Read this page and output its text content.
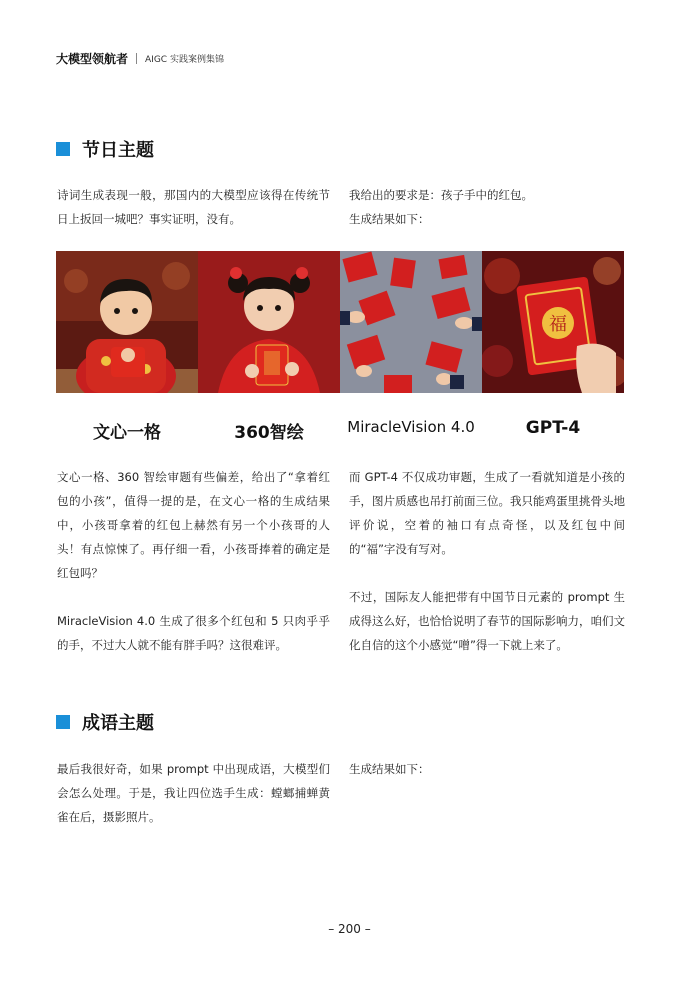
大模型领航者 AIGC 实践案例集锦
节日主题

诗词生成表现一般，那国内的大模型应该得在传统节日上扳回一城吧？事实证明，没有。

我给出的要求是：孩子手中的红包。

生成结果如下：

福
文心一格	360智绘	MiracleVision 4.0	GPT-4

文心一格、360 智绘审题有些偏差，给出了“拿着红包的小孩”，值得一提的是，在文心一格的生成结果中，小孩哥拿着的红包上赫然有另一个小孩哥的人头！有点惊悚了。再仔细一看，小孩哥捧着的确定是红包吗？

MiracleVision 4.0 生成了很多个红包和 5 只肉乎乎的手，不过大人就不能有胖手吗？这很难评。

而 GPT-4 不仅成功审题，生成了一看就知道是小孩的手，图片质感也吊打前面三位。我只能鸡蛋里挑骨头地评价说，空着的袖口有点奇怪，以及红包中间的“福”字没有写对。

不过，国际友人能把带有中国节日元素的 prompt 生成得这么好，也恰恰说明了春节的国际影响力，咱们文化自信的这个小感觉“噌”得一下就上来了。

成语主题

最后我很好奇，如果 prompt 中出现成语，大模型们会怎么处理。于是，我让四位选手生成：螳螂捕蝉黄雀在后，摄影照片。

生成结果如下：

– 200 –
